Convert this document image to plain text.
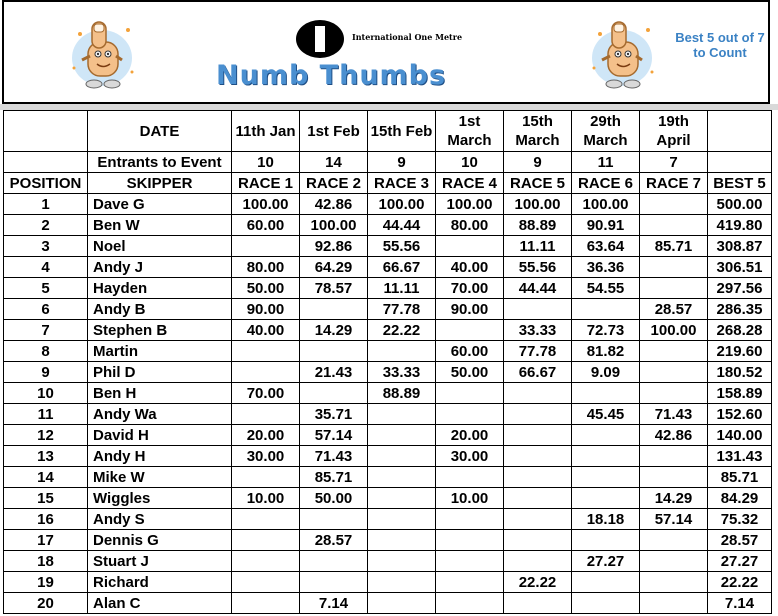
International One Metre
Numb Thumbs
Best 5 out of 7 to Count
	DATE	11th Jan	1st Feb	15th Feb	1st March	15th March	29th March	19th April	
	Entrants to Event	10	14	9	10	9	11	7	
POSITION	SKIPPER	RACE 1	RACE 2	RACE 3	RACE 4	RACE 5	RACE 6	RACE 7	BEST 5
1	Dave G	100.00	42.86	100.00	100.00	100.00	100.00		500.00
2	Ben W	60.00	100.00	44.44	80.00	88.89	90.91		419.80
3	Noel		92.86	55.56		11.11	63.64	85.71	308.87
4	Andy J	80.00	64.29	66.67	40.00	55.56	36.36		306.51
5	Hayden	50.00	78.57	11.11	70.00	44.44	54.55		297.56
6	Andy B	90.00		77.78	90.00			28.57	286.35
7	Stephen B	40.00	14.29	22.22		33.33	72.73	100.00	268.28
8	Martin				60.00	77.78	81.82		219.60
9	Phil D		21.43	33.33	50.00	66.67	9.09		180.52
10	Ben H	70.00		88.89					158.89
11	Andy Wa		35.71				45.45	71.43	152.60
12	David H	20.00	57.14		20.00			42.86	140.00
13	Andy H	30.00	71.43		30.00				131.43
14	Mike W		85.71						85.71
15	Wiggles	10.00	50.00		10.00			14.29	84.29
16	Andy S						18.18	57.14	75.32
17	Dennis G		28.57						28.57
18	Stuart J						27.27		27.27
19	Richard					22.22			22.22
20	Alan C		7.14						7.14
